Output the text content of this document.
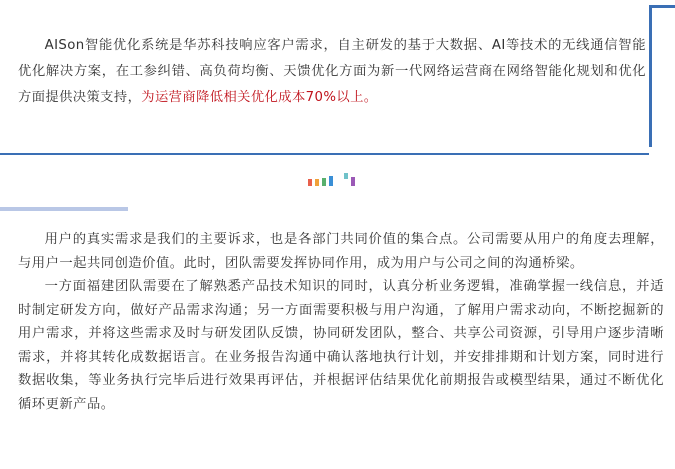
AISon智能优化系统是华苏科技响应客户需求，自主研发的基于大数据、AI等技术的无线通信智能优化解决方案，在工参纠错、高负荷均衡、天馈优化方面为新一代网络运营商在网络智能化规划和优化方面提供决策支持，为运营商降低相关优化成本70%以上。

用户的真实需求是我们的主要诉求，也是各部门共同价值的集合点。公司需要从用户的角度去理解，与用户一起共同创造价值。此时，团队需要发挥协同作用，成为用户与公司之间的沟通桥梁。

一方面福建团队需要在了解熟悉产品技术知识的同时，认真分析业务逻辑，准确掌握一线信息，并适时制定研发方向，做好产品需求沟通；另一方面需要积极与用户沟通，了解用户需求动向，不断挖掘新的用户需求，并将这些需求及时与研发团队反馈，协同研发团队，整合、共享公司资源，引导用户逐步清晰需求，并将其转化成数据语言。在业务报告沟通中确认落地执行计划，并安排排期和计划方案，同时进行数据收集，等业务执行完毕后进行效果再评估，并根据评估结果优化前期报告或模型结果，通过不断优化循环更新产品。
